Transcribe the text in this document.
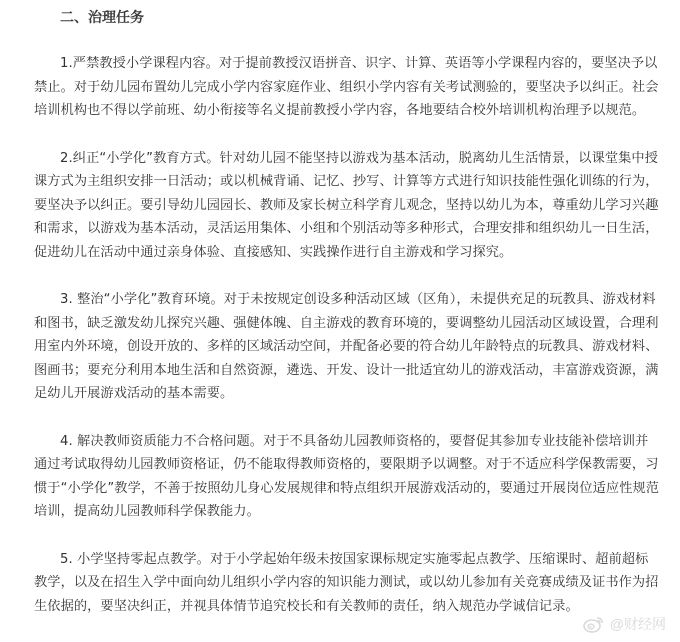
二、治理任务

1.严禁教授小学课程内容。对于提前教授汉语拼音、识字、计算、英语等小学课程内容的，要坚决予以禁止。对于幼儿园布置幼儿完成小学内容家庭作业、组织小学内容有关考试测验的，要坚决予以纠正。社会培训机构也不得以学前班、幼小衔接等名义提前教授小学内容，各地要结合校外培训机构治理予以规范。

2.纠正“小学化”教育方式。针对幼儿园不能坚持以游戏为基本活动，脱离幼儿生活情景，以课堂集中授课方式为主组织安排一日活动；或以机械背诵、记忆、抄写、计算等方式进行知识技能性强化训练的行为，要坚决予以纠正。要引导幼儿园园长、教师及家长树立科学育儿观念，坚持以幼儿为本，尊重幼儿学习兴趣和需求，以游戏为基本活动，灵活运用集体、小组和个别活动等多种形式，合理安排和组织幼儿一日生活，促进幼儿在活动中通过亲身体验、直接感知、实践操作进行自主游戏和学习探究。

3. 整治“小学化”教育环境。对于未按规定创设多种活动区域（区角），未提供充足的玩教具、游戏材料和图书，缺乏激发幼儿探究兴趣、强健体魄、自主游戏的教育环境的，要调整幼儿园活动区域设置，合理利用室内外环境，创设开放的、多样的区域活动空间，并配备必要的符合幼儿年龄特点的玩教具、游戏材料、图画书；要充分利用本地生活和自然资源，遴选、开发、设计一批适宜幼儿的游戏活动，丰富游戏资源，满足幼儿开展游戏活动的基本需要。

4. 解决教师资质能力不合格问题。对于不具备幼儿园教师资格的，要督促其参加专业技能补偿培训并通过考试取得幼儿园教师资格证，仍不能取得教师资格的，要限期予以调整。对于不适应科学保教需要，习惯于“小学化”教学，不善于按照幼儿身心发展规律和特点组织开展游戏活动的，要通过开展岗位适应性规范培训，提高幼儿园教师科学保教能力。

5. 小学坚持零起点教学。对于小学起始年级未按国家课标规定实施零起点教学、压缩课时、超前超标教学，以及在招生入学中面向幼儿组织小学内容的知识能力测试，或以幼儿参加有关竞赛成绩及证书作为招生依据的，要坚决纠正，并视具体情节追究校长和有关教师的责任，纳入规范办学诚信记录。

@财经网
